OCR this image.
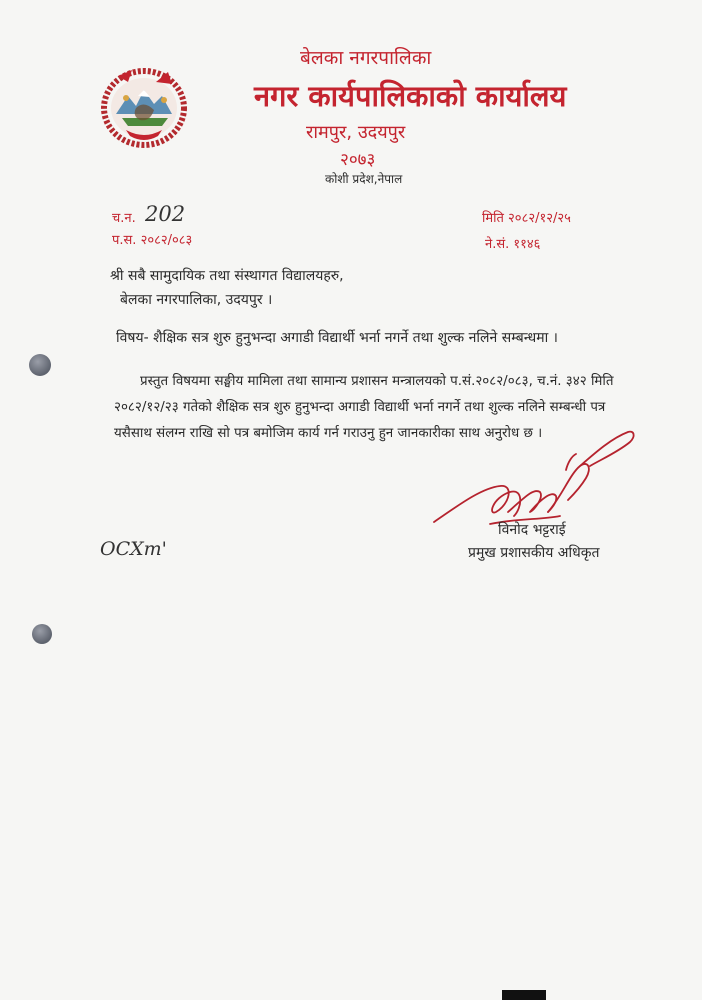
बेलका नगरपालिका
नगर कार्यपालिकाको कार्यालय
रामपुर, उदयपुर
२०७३
कोशी प्रदेश,नेपाल
च.न. 202
प.स. २०८२/०८३
मिति २०८२/१२/२५
ने.सं. ११४६
श्री सबै सामुदायिक तथा संस्थागत विद्यालयहरु,
बेलका नगरपालिका, उदयपुर ।
विषय- शैक्षिक सत्र शुरु हुनुभन्दा अगाडी विद्यार्थी भर्ना नगर्ने तथा शुल्क नलिने सम्बन्धमा ।

प्रस्तुत विषयमा सङ्घीय मामिला तथा सामान्य प्रशासन मन्त्रालयको प.सं.२०८२/०८३, च.नं. ३४२ मिति २०८२/१२/२३ गतेको शैक्षिक सत्र शुरु हुनुभन्दा अगाडी विद्यार्थी भर्ना नगर्ने तथा शुल्क नलिने सम्बन्धी पत्र यसैसाथ संलग्न राखि सो पत्र बमोजिम कार्य गर्न गराउनु हुन जानकारीका साथ अनुरोध छ ।

विनोद भट्टराई
प्रमुख प्रशासकीय अधिकृत
OCXm'
